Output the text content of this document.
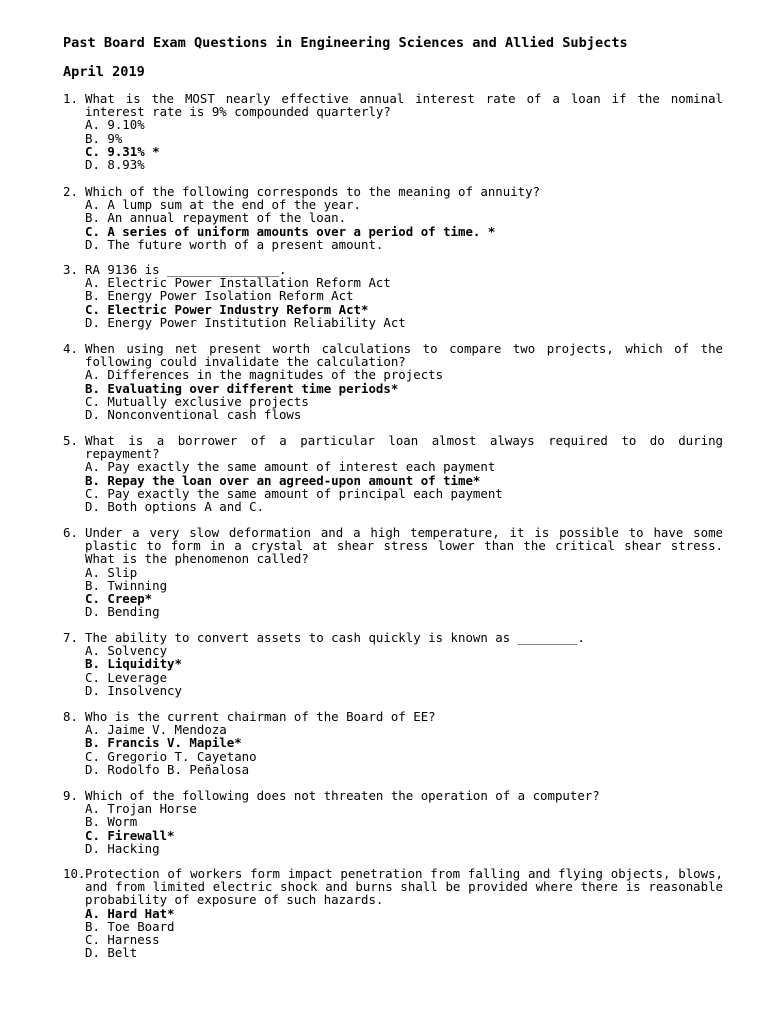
Past Board Exam Questions in Engineering Sciences and Allied Subjects
April 2019
1. What is the MOST nearly effective annual interest rate of a loan if the nominal interest rate is 9% compounded quarterly?
A. 9.10%
B. 9%
C. 9.31% *
D. 8.93%
2. Which of the following corresponds to the meaning of annuity?
A. A lump sum at the end of the year.
B. An annual repayment of the loan.
C. A series of uniform amounts over a period of time. *
D. The future worth of a present amount.
3. RA 9136 is _______________.
A. Electric Power Installation Reform Act
B. Energy Power Isolation Reform Act
C. Electric Power Industry Reform Act*
D. Energy Power Institution Reliability Act
4. When using net present worth calculations to compare two projects, which of the following could invalidate the calculation?
A. Differences in the magnitudes of the projects
B. Evaluating over different time periods*
C. Mutually exclusive projects
D. Nonconventional cash flows
5. What is a borrower of a particular loan almost always required to do during repayment?
A. Pay exactly the same amount of interest each payment
B. Repay the loan over an agreed-upon amount of time*
C. Pay exactly the same amount of principal each payment
D. Both options A and C.
6. Under a very slow deformation and a high temperature, it is possible to have some plastic to form in a crystal at shear stress lower than the critical shear stress. What is the phenomenon called?
A. Slip
B. Twinning
C. Creep*
D. Bending
7. The ability to convert assets to cash quickly is known as ________.
A. Solvency
B. Liquidity*
C. Leverage
D. Insolvency
8. Who is the current chairman of the Board of EE?
A. Jaime V. Mendoza
B. Francis V. Mapile*
C. Gregorio T. Cayetano
D. Rodolfo B. Peñalosa
9. Which of the following does not threaten the operation of a computer?
A. Trojan Horse
B. Worm
C. Firewall*
D. Hacking
10. Protection of workers form impact penetration from falling and flying objects, blows, and from limited electric shock and burns shall be provided where there is reasonable probability of exposure of such hazards.
A. Hard Hat*
B. Toe Board
C. Harness
D. Belt
